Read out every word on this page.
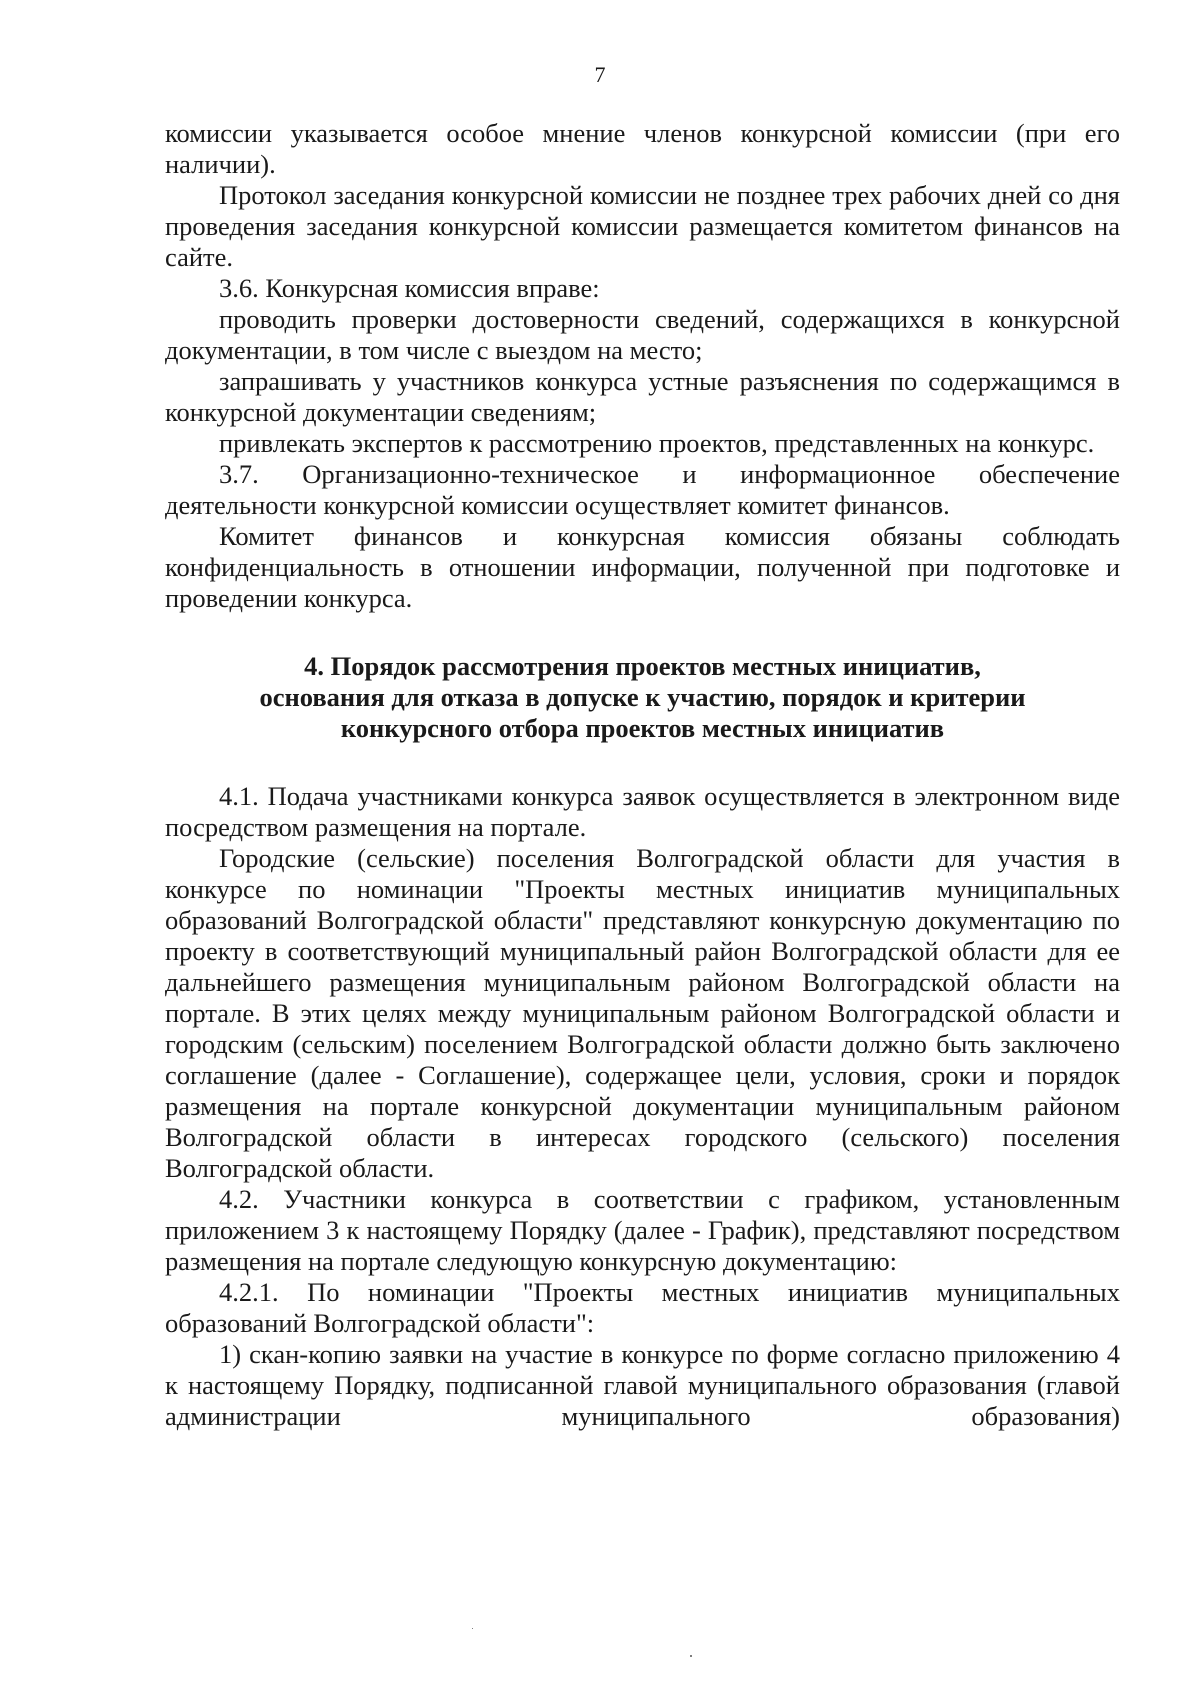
7

комиссии указывается особое мнение членов конкурсной комиссии (при его наличии).

Протокол заседания конкурсной комиссии не позднее трех рабочих дней со дня проведения заседания конкурсной комиссии размещается комитетом финансов на сайте.

3.6. Конкурсная комиссия вправе:

проводить проверки достоверности сведений, содержащихся в конкурсной документации, в том числе с выездом на место;

запрашивать у участников конкурса устные разъяснения по содержащимся в конкурсной документации сведениям;

привлекать экспертов к рассмотрению проектов, представленных на конкурс.

3.7. Организационно-техническое и информационное обеспечение деятельности конкурсной комиссии осуществляет комитет финансов.

Комитет финансов и конкурсная комиссия обязаны соблюдать конфиденциальность в отношении информации, полученной при подготовке и проведении конкурса.

4. Порядок рассмотрения проектов местных инициатив,

основания для отказа в допуске к участию, порядок и критерии

конкурсного отбора проектов местных инициатив

4.1. Подача участниками конкурса заявок осуществляется в электронном виде посредством размещения на портале.

Городские (сельские) поселения Волгоградской области для участия в конкурсе по номинации "Проекты местных инициатив муниципальных образований Волгоградской области" представляют конкурсную документацию по проекту в соответствующий муниципальный район Волгоградской области для ее дальнейшего размещения муниципальным районом Волгоградской области на портале. В этих целях между муниципальным районом Волгоградской области и городским (сельским) поселением Волгоградской области должно быть заключено соглашение (далее - Соглашение), содержащее цели, условия, сроки и порядок размещения на портале конкурсной документации муниципальным районом Волгоградской области в интересах городского (сельского) поселения Волгоградской области.

4.2. Участники конкурса в соответствии с графиком, установленным приложением 3 к настоящему Порядку (далее - График), представляют посредством размещения на портале следующую конкурсную документацию:

4.2.1. По номинации "Проекты местных инициатив муниципальных образований Волгоградской области":

1) скан-копию заявки на участие в конкурсе по форме согласно приложению 4 к настоящему Порядку, подписанной главой муниципального образования (главой администрации муниципального образования)
